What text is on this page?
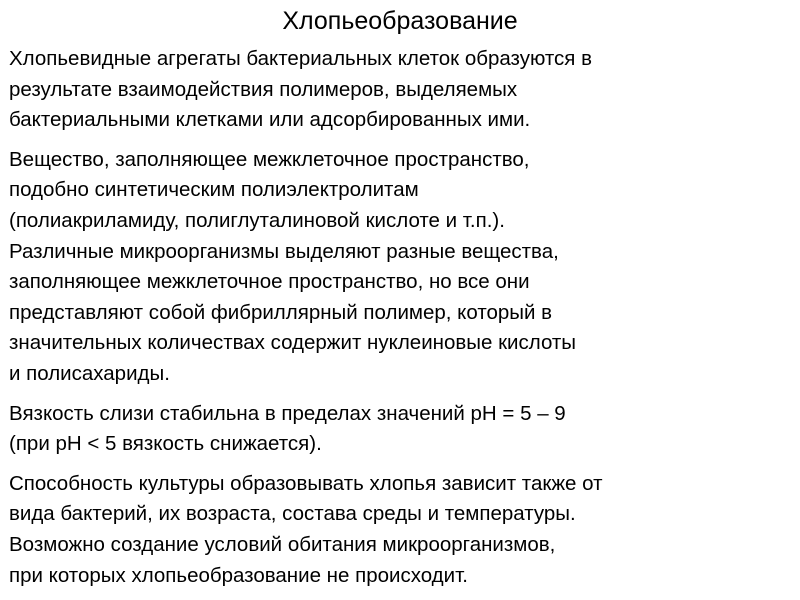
Хлопьеобразование

Хлопьевидные агрегаты бактериальных клеток образуются в
результате взаимодействия полимеров, выделяемых
бактериальными клетками или адсорбированных ими.

Вещество, заполняющее межклеточное пространство,
подобно синтетическим полиэлектролитам
(полиакриламиду, полиглуталиновой кислоте и т.п.).
Различные микроорганизмы выделяют разные вещества,
заполняющее межклеточное пространство, но все они
представляют собой фибриллярный полимер, который в
значительных количествах содержит нуклеиновые кислоты
и полисахариды.

Вязкость слизи стабильна в пределах значений рН = 5 – 9
(при рН < 5 вязкость снижается).

Способность культуры образовывать хлопья зависит также от
вида бактерий, их возраста, состава среды и температуры.
Возможно создание условий обитания микроорганизмов,
при которых хлопьеобразование не происходит.
